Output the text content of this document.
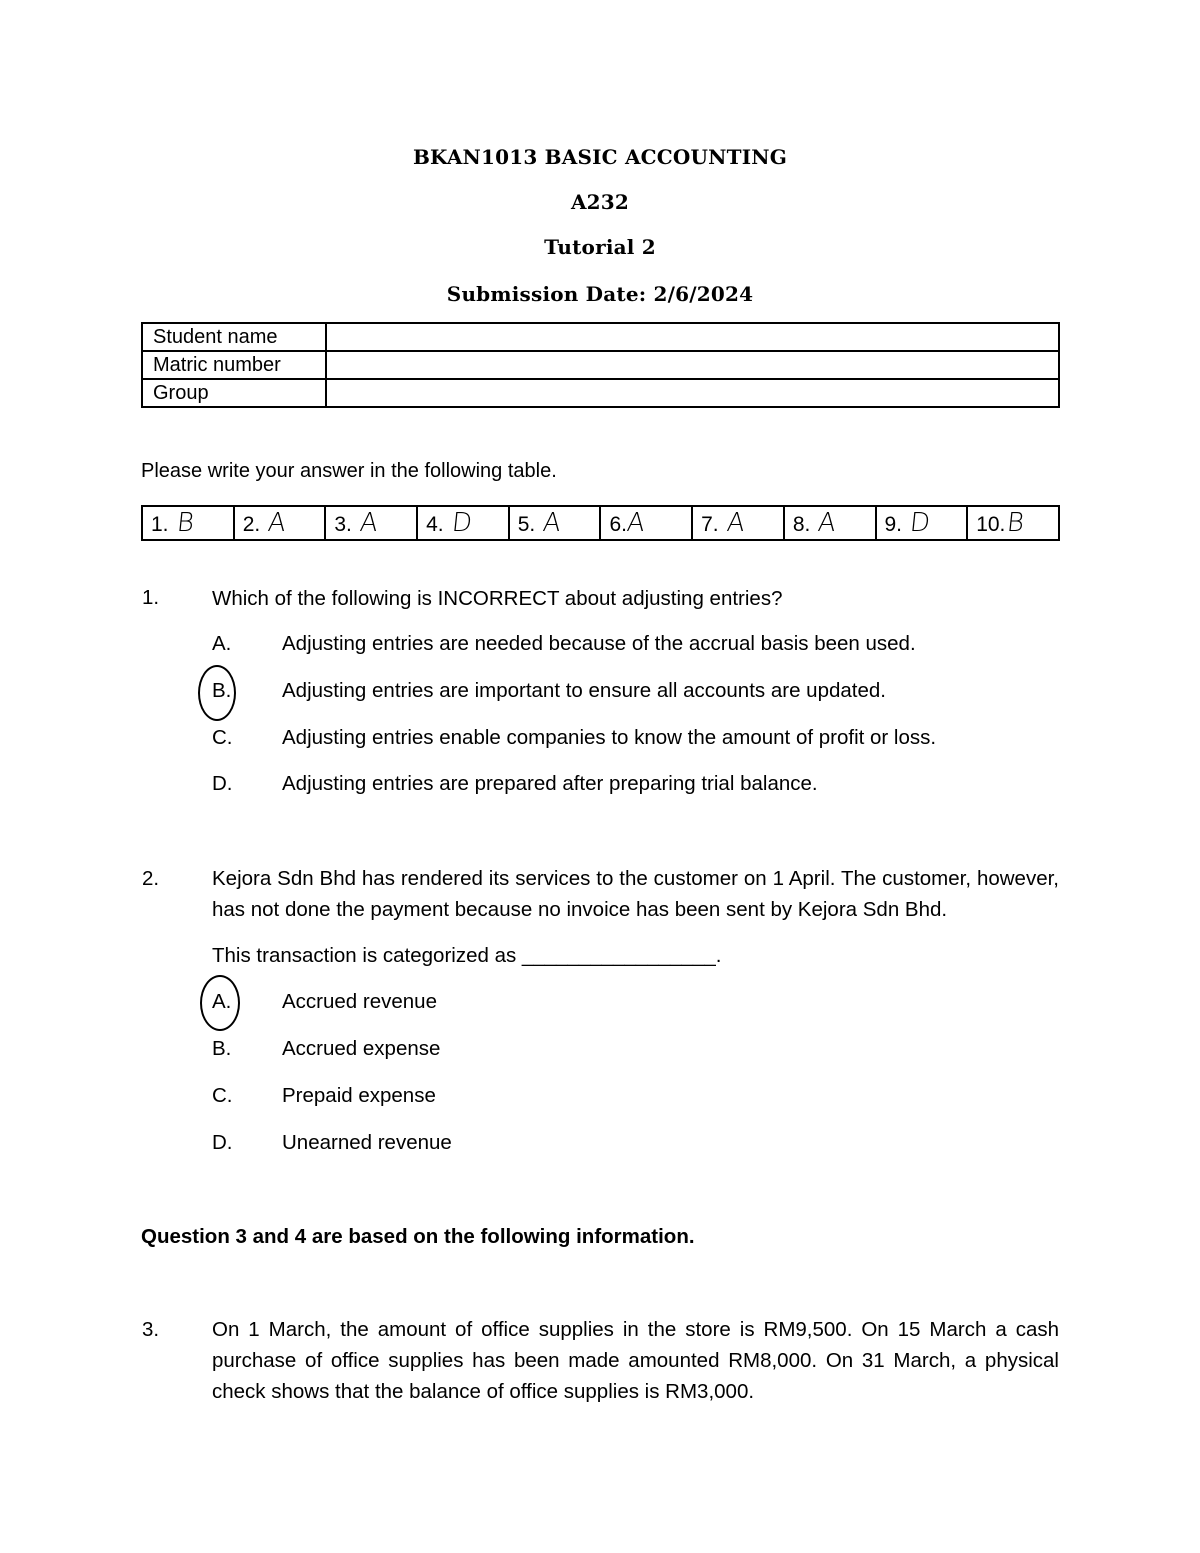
BKAN1013 BASIC ACCOUNTING
A232
Tutorial 2
Submission Date: 2/6/2024
Student name	
Matric number	
Group	
Please write your answer in the following table.
1. B	2. A	3. A	4. D	5. A	6.A	7. A	8. A	9. D	10.B
1.	Which of the following is INCORRECT about adjusting entries?
A. Adjusting entries are needed because of the accrual basis been used.
B. Adjusting entries are important to ensure all accounts are updated.
C. Adjusting entries enable companies to know the amount of profit or loss.
D. Adjusting entries are prepared after preparing trial balance.
2.	Kejora Sdn Bhd has rendered its services to the customer on 1 April. The customer, however, has not done the payment because no invoice has been sent by Kejora Sdn Bhd.
This transaction is categorized as _________________.
A. Accrued revenue
B. Accrued expense
C. Prepaid expense
D. Unearned revenue
Question 3 and 4 are based on the following information.
3.	On 1 March, the amount of office supplies in the store is RM9,500. On 15 March a cash purchase of office supplies has been made amounted RM8,000. On 31 March, a physical check shows that the balance of office supplies is RM3,000.
